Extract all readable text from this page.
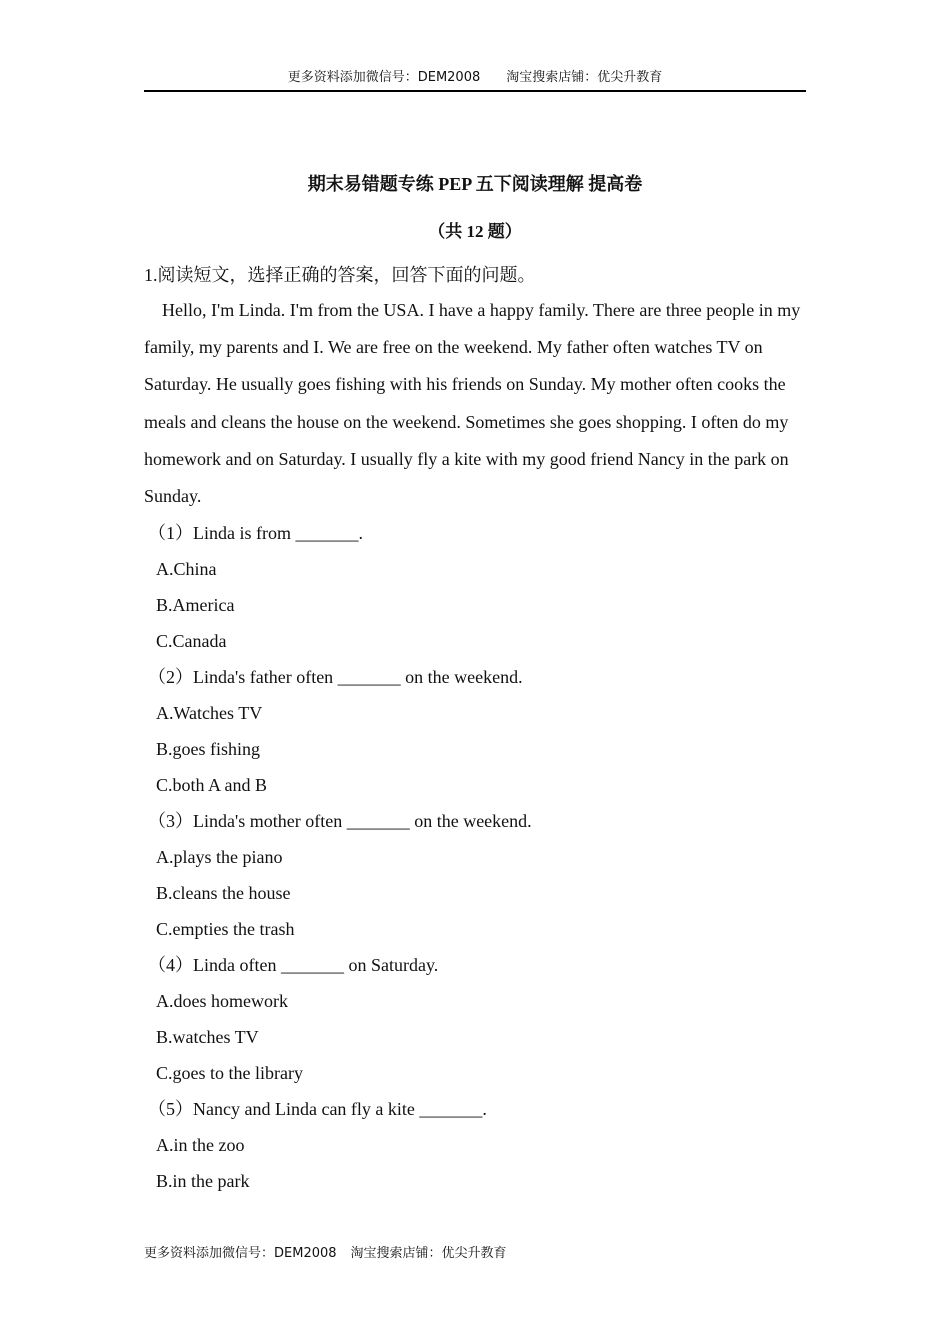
更多资料添加微信号：DEM2008 淘宝搜索店铺：优尖升教育
期末易错题专练 PEP 五下阅读理解 提高卷
（共 12 题）

1.阅读短文，选择正确的答案，回答下面的问题。

Hello, I'm Linda. I'm from the USA. I have a happy family. There are three people in my family, my parents and I. We are free on the weekend. My father often watches TV on Saturday. He usually goes fishing with his friends on Sunday. My mother often cooks the meals and cleans the house on the weekend. Sometimes she goes shopping. I often do my homework and on Saturday. I usually fly a kite with my good friend Nancy in the park on Sunday.

（1）Linda is from _______.
A.China
B.America
C.Canada
（2）Linda's father often _______ on the weekend.
A.Watches TV
B.goes fishing
C.both A and B
（3）Linda's mother often _______ on the weekend.
A.plays the piano
B.cleans the house
C.empties the trash
（4）Linda often _______ on Saturday.
A.does homework
B.watches TV
C.goes to the library
（5）Nancy and Linda can fly a kite _______.
A.in the zoo
B.in the park
更多资料添加微信号：DEM2008 淘宝搜索店铺：优尖升教育
